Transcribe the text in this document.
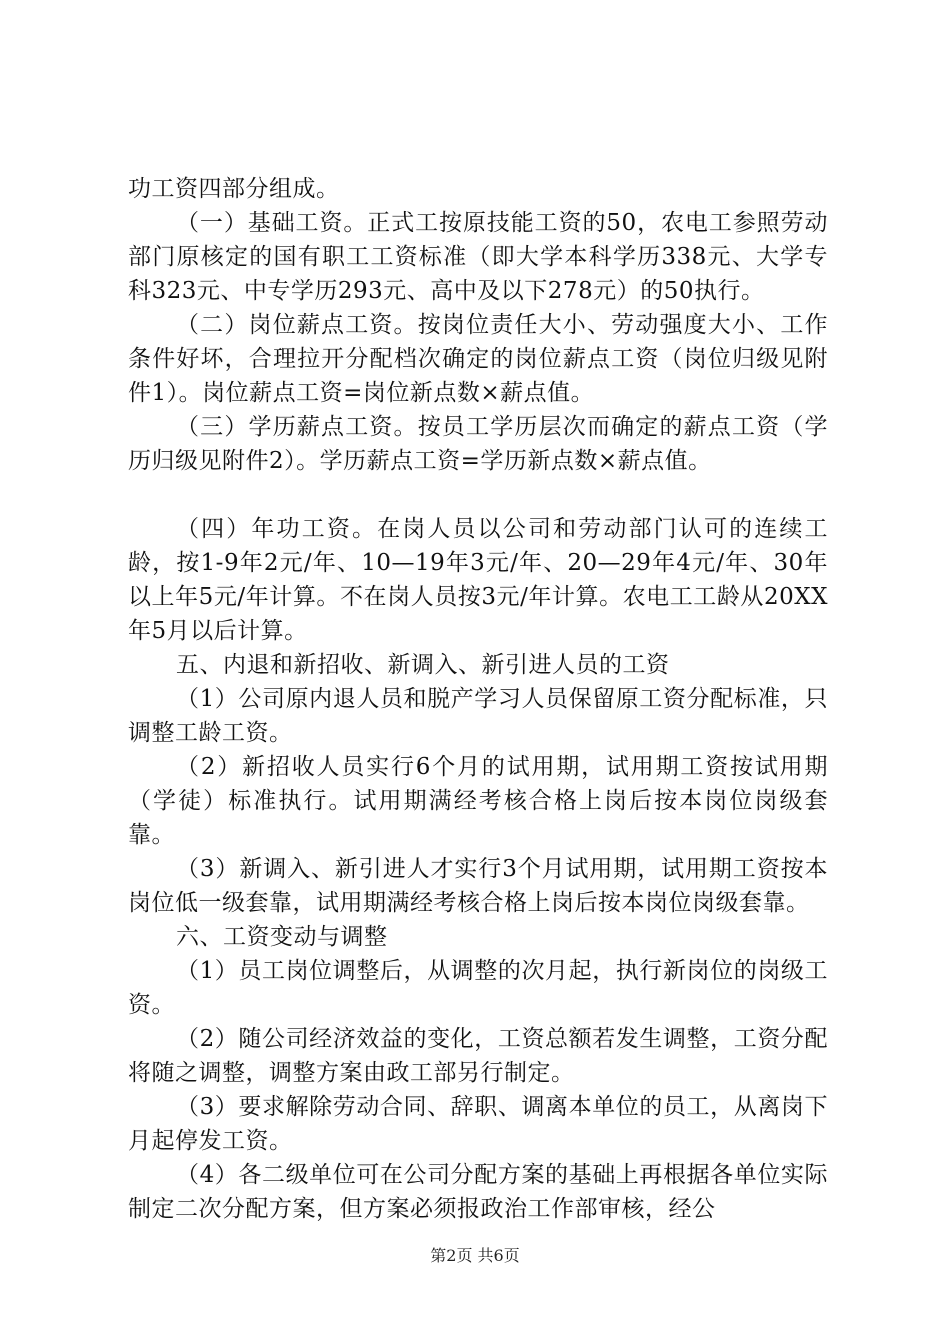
功工资四部分组成。

（一）基础工资。正式工按原技能工资的50，农电工参照劳动部门原核定的国有职工工资标准（即大学本科学历338元、大学专科323元、中专学历293元、高中及以下278元）的50执行。

（二）岗位薪点工资。按岗位责任大小、劳动强度大小、工作条件好坏，合理拉开分配档次确定的岗位薪点工资（岗位归级见附件1）。岗位薪点工资=岗位新点数×薪点值。

（三）学历薪点工资。按员工学历层次而确定的薪点工资（学历归级见附件2）。学历薪点工资=学历新点数×薪点值。

（四）年功工资。在岗人员以公司和劳动部门认可的连续工龄，按1-9年2元/年、10—19年3元/年、20—29年4元/年、30年以上年5元/年计算。不在岗人员按3元/年计算。农电工工龄从20XX年5月以后计算。

五、内退和新招收、新调入、新引进人员的工资

（1）公司原内退人员和脱产学习人员保留原工资分配标准，只调整工龄工资。

（2）新招收人员实行6个月的试用期，试用期工资按试用期（学徒）标准执行。试用期满经考核合格上岗后按本岗位岗级套靠。

（3）新调入、新引进人才实行3个月试用期，试用期工资按本岗位低一级套靠，试用期满经考核合格上岗后按本岗位岗级套靠。

六、工资变动与调整

（1）员工岗位调整后，从调整的次月起，执行新岗位的岗级工资。

（2）随公司经济效益的变化，工资总额若发生调整，工资分配将随之调整，调整方案由政工部另行制定。

（3）要求解除劳动合同、辞职、调离本单位的员工，从离岗下月起停发工资。

（4）各二级单位可在公司分配方案的基础上再根据各单位实际制定二次分配方案，但方案必须报政治工作部审核，经公

第2页 共6页
